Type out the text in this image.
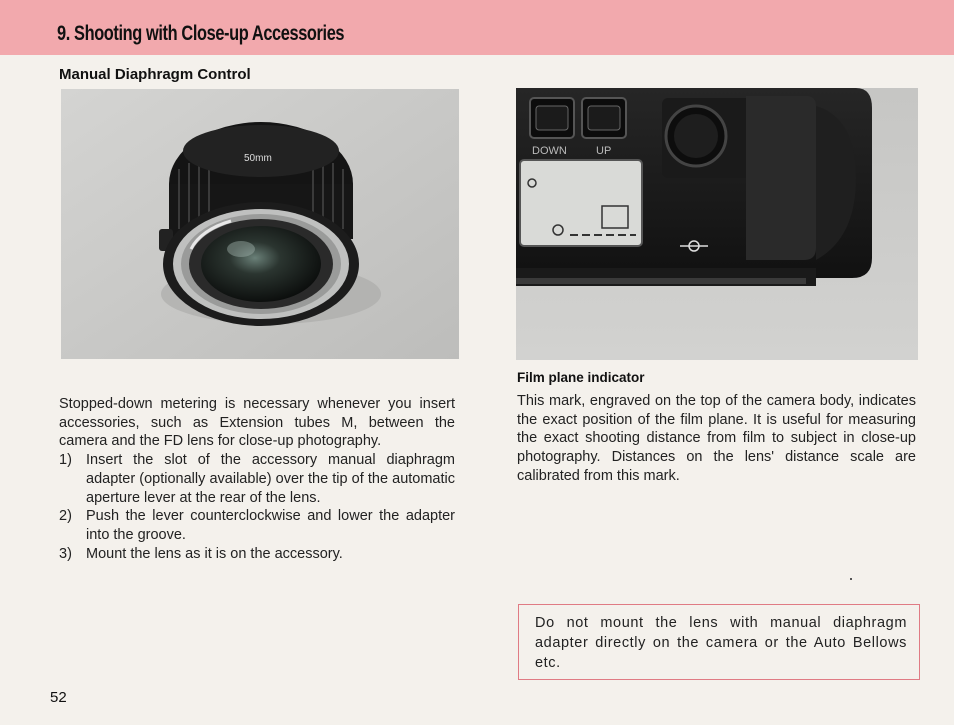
9. Shooting with Close-up Accessories
Manual Diaphragm Control
50mm
DOWN	UP

Stopped-down metering is necessary whenever you insert accessories, such as Extension tubes M, between the camera and the FD lens for close-up photography.

1) Insert the slot of the accessory manual diaphragm adapter (optionally available) over the tip of the automatic aperture lever at the rear of the lens.
2) Push the lever counterclockwise and lower the adapter into the groove.
3) Mount the lens as it is on the accessory.
Film plane indicator
This mark, engraved on the top of the camera body, indicates the exact position of the film plane. It is useful for measuring the exact shooting distance from film to subject in close-up photography. Distances on the lens' distance scale are calibrated from this mark.
Do not mount the lens with manual diaphragm adapter directly on the camera or the Auto Bellows etc.
52
